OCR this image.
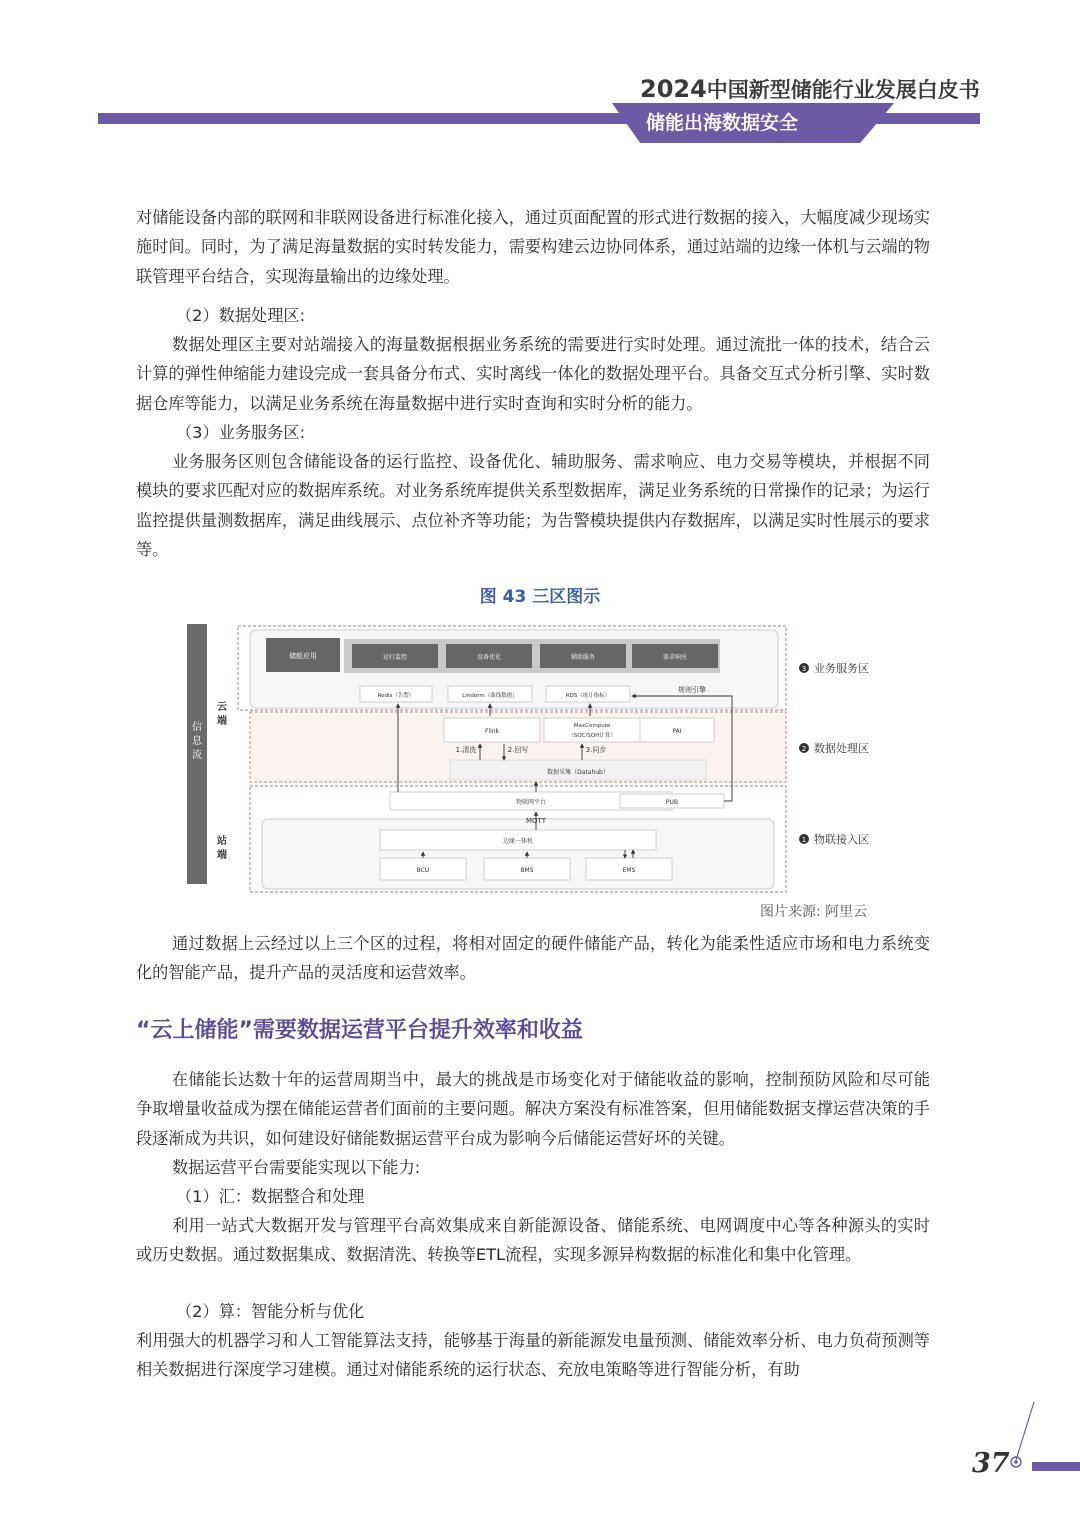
2024中国新型储能行业发展白皮书
储能出海数据安全

对储能设备内部的联网和非联网设备进行标准化接入，通过页面配置的形式进行数据的接入，大幅度减少现场实施时间。同时，为了满足海量数据的实时转发能力，需要构建云边协同体系，通过站端的边缘一体机与云端的物联管理平台结合，实现海量输出的边缘处理。

（2）数据处理区:

数据处理区主要对站端接入的海量数据根据业务系统的需要进行实时处理。通过流批一体的技术，结合云计算的弹性伸缩能力建设完成一套具备分布式、实时离线一体化的数据处理平台。具备交互式分析引擎、实时数据仓库等能力，以满足业务系统在海量数据中进行实时查询和实时分析的能力。

（3）业务服务区:

业务服务区则包含储能设备的运行监控、设备优化、辅助服务、需求响应、电力交易等模块，并根据不同模块的要求匹配对应的数据库系统。对业务系统库提供关系型数据库，满足业务系统的日常操作的记录；为运行监控提供量测数据库，满足曲线展示、点位补齐等功能；为告警模块提供内存数据库，以满足实时性展示的要求等。

图 43 三区图示
信息流
云端
站端
储能应用	运行监控	设备优化	辅助服务	需求响应
Redis（告警）	Lindorm（曲线数据）	RDS（统计指标）
规则引擎
Flink
MaxCompute
（SOC/SOH计算）
PAI
1.清洗	2.回写	3.同步
数据采集（Datahub）
物联网平台	PUB
MQTT
边缘一体机
BCU	BMS	EMS
3 业务服务区
2 数据处理区
1 物联接入区
图片来源: 阿里云

通过数据上云经过以上三个区的过程，将相对固定的硬件储能产品，转化为能柔性适应市场和电力系统变化的智能产品，提升产品的灵活度和运营效率。

“云上储能”需要数据运营平台提升效率和收益

在储能长达数十年的运营周期当中，最大的挑战是市场变化对于储能收益的影响，控制预防风险和尽可能争取增量收益成为摆在储能运营者们面前的主要问题。解决方案没有标准答案，但用储能数据支撑运营决策的手段逐渐成为共识，如何建设好储能数据运营平台成为影响今后储能运营好坏的关键。

数据运营平台需要能实现以下能力:

（1）汇：数据整合和处理

利用一站式大数据开发与管理平台高效集成来自新能源设备、储能系统、电网调度中心等各种源头的实时或历史数据。通过数据集成、数据清洗、转换等ETL流程，实现多源异构数据的标准化和集中化管理。

（2）算：智能分析与优化

利用强大的机器学习和人工智能算法支持，能够基于海量的新能源发电量预测、储能效率分析、电力负荷预测等相关数据进行深度学习建模。通过对储能系统的运行状态、充放电策略等进行智能分析，有助

37
